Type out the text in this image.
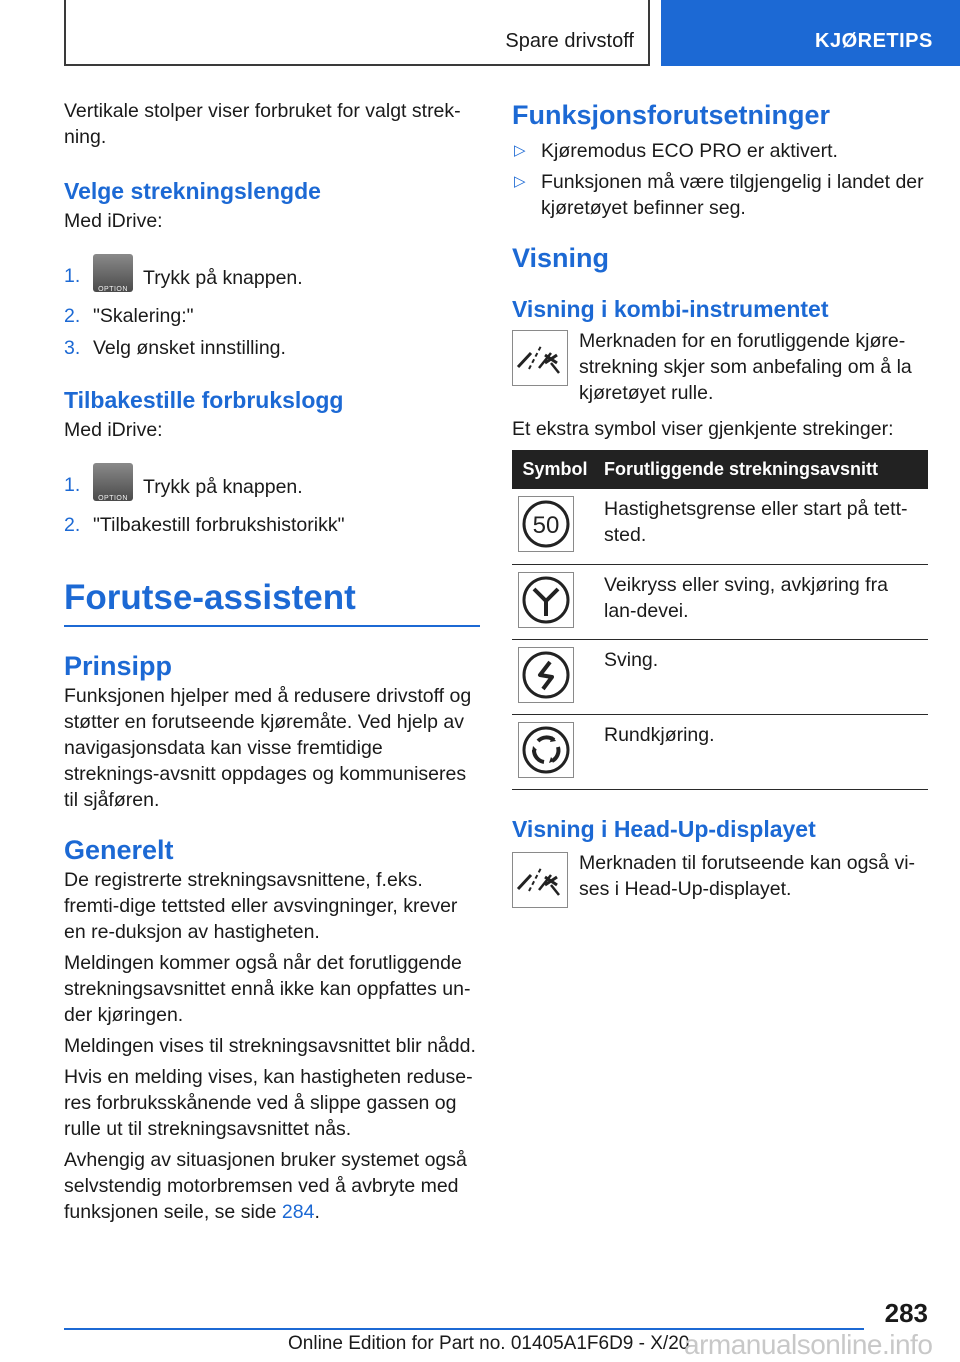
Spare drivstoff	KJØRETIPS

Vertikale stolper viser forbruket for valgt strek-ning.

Velge strekningslengde

Med iDrive:

1.
OPTION
Trykk på knappen.
2. "Skalering:"
3. Velg ønsket innstilling.
Tilbakestille forbrukslogg

Med iDrive:

1.
OPTION
Trykk på knappen.
2. "Tilbakestill forbrukshistorikk"
Forutse-assistent
Prinsipp

Funksjonen hjelper med å redusere drivstoff og støtter en forutseende kjøremåte. Ved hjelp av navigasjonsdata kan visse fremtidige streknings-avsnitt oppdages og kommuniseres til sjåføren.

Generelt

De registrerte strekningsavsnittene, f.eks. fremti-dige tettsted eller avsvingninger, krever en re-duksjon av hastigheten.

Meldingen kommer også når det forutliggende strekningsavsnittet ennå ikke kan oppfattes un-der kjøringen.

Meldingen vises til strekningsavsnittet blir nådd.

Hvis en melding vises, kan hastigheten reduse-res forbruksskånende ved å slippe gassen og rulle ut til strekningsavsnittet nås.

Avhengig av situasjonen bruker systemet også selvstendig motorbremsen ved å avbryte med funksjonen seile, se side 284.

Funksjonsforutsetninger
▷ Kjøremodus ECO PRO er aktivert.
▷ Funksjonen må være tilgjengelig i landet der kjøretøyet befinner seg.
Visning
Visning i kombi-instrumentet

Merknaden for en forutliggende kjøre-strekning skjer som anbefaling om å la kjøretøyet rulle.

Et ekstra symbol viser gjenkjente strekinger:

Symbol	Forutliggende strekningsavsnitt

50	Hastighetsgrense eller start på tett-sted.

	Veikryss eller sving, avkjøring fra lan-devei.

	Sving.

	Rundkjøring.
Visning i Head-Up-displayet

Merknaden til forutseende kan også vi-ses i Head-Up-displayet.

283
Online Edition for Part no. 01405A1F6D9 - X/20
armanualsonline.info
